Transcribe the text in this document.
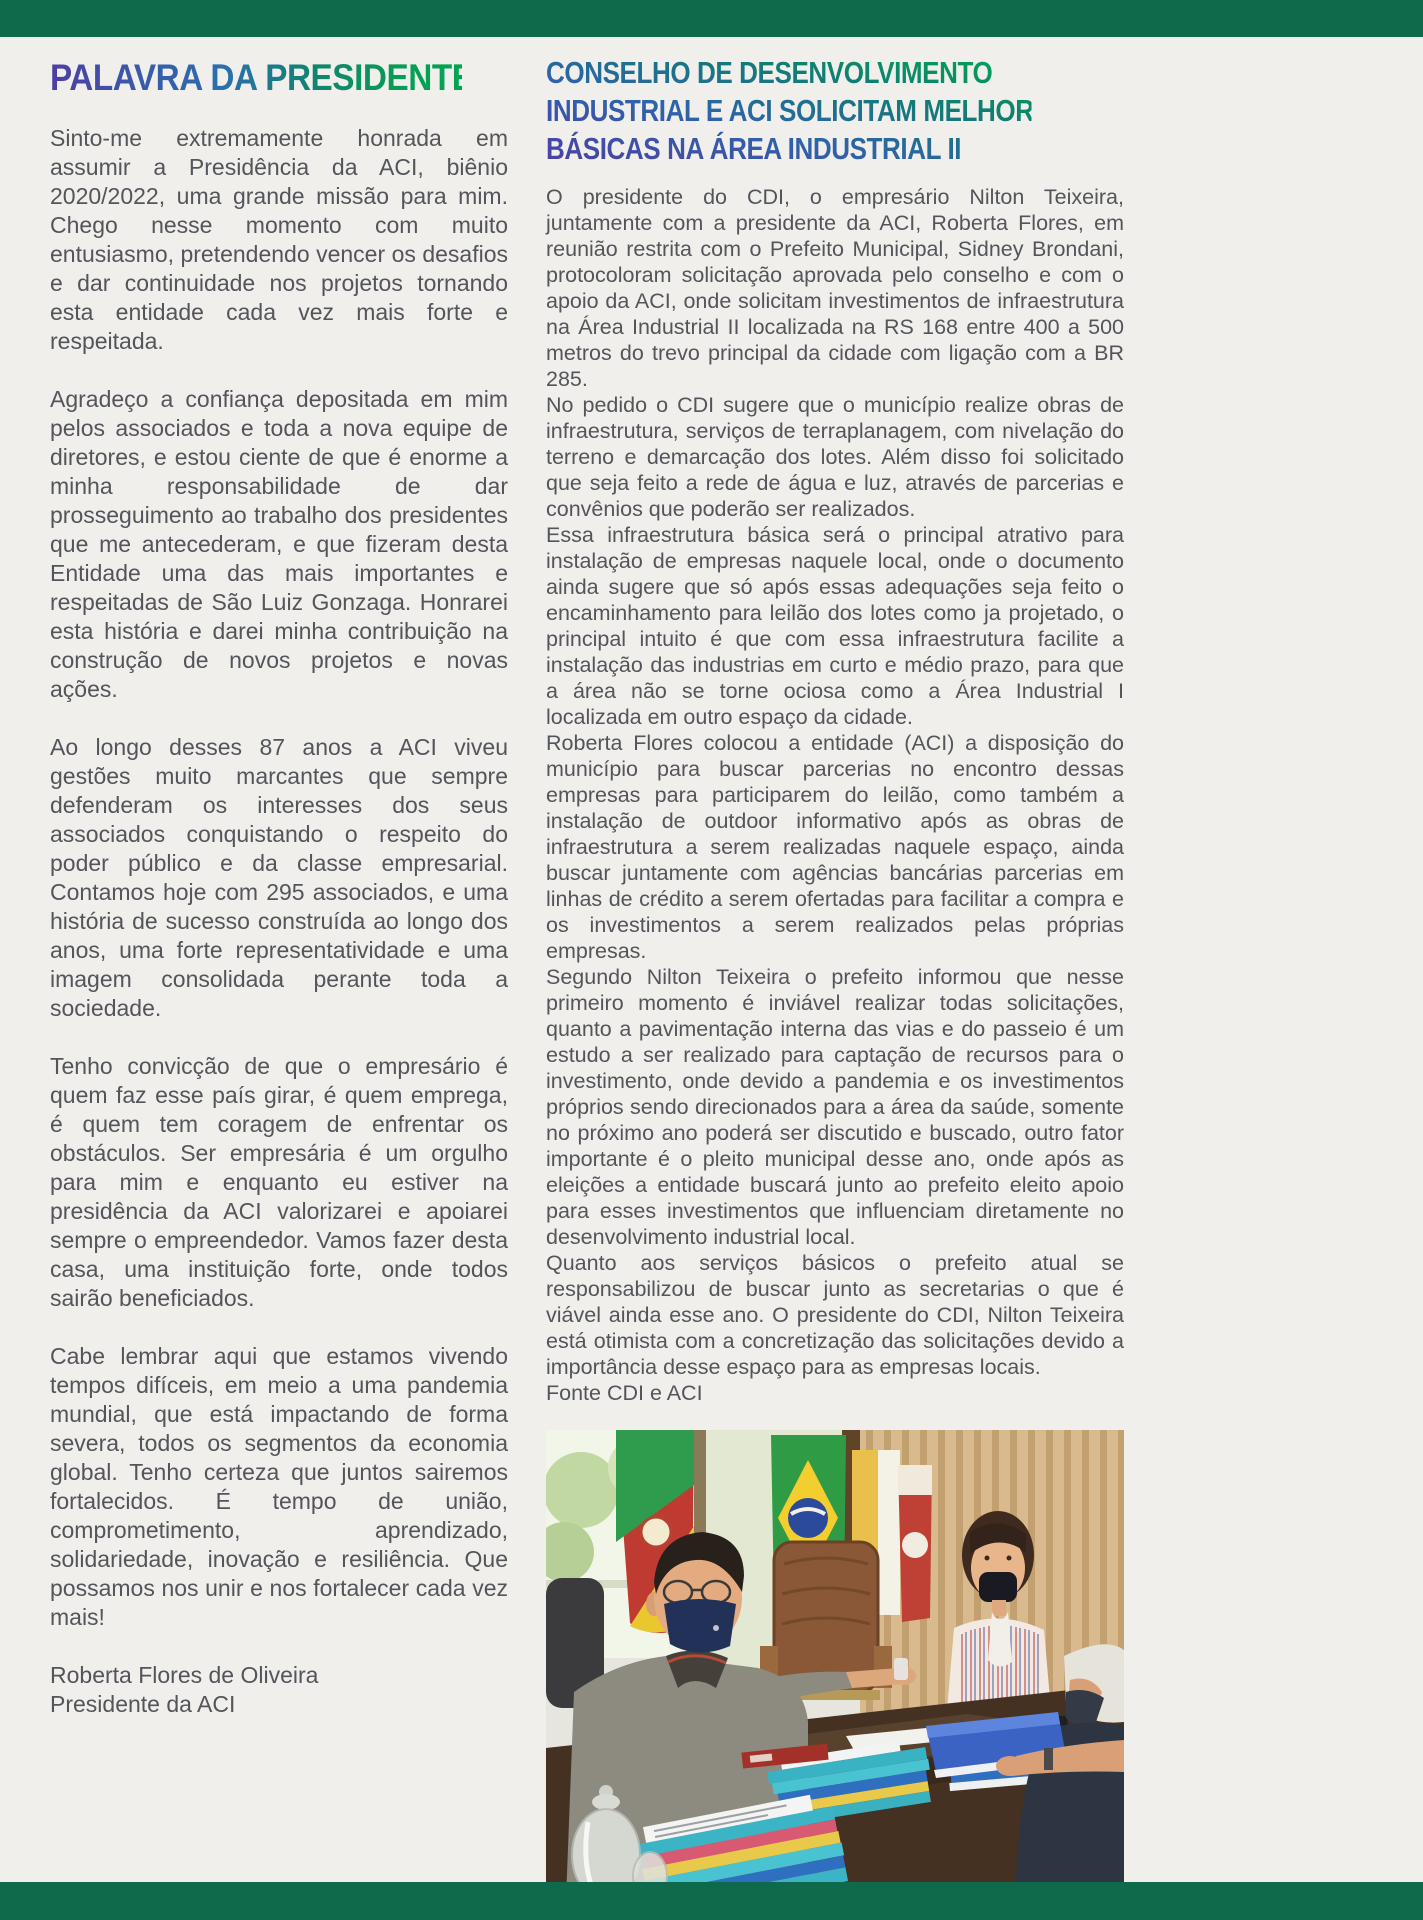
PALAVRA DA PRESIDENTE

Sinto-me extremamente honrada em assumir a Presidência da ACI, biênio 2020/2022, uma grande missão para mim. Chego nesse momento com muito entusiasmo, pretendendo vencer os desafios e dar continuidade nos projetos tornando esta entidade cada vez mais forte e respeitada.

Agradeço a confiança depositada em mim pelos associados e toda a nova equipe de diretores, e estou ciente de que é enorme a minha responsabilidade de dar prosseguimento ao trabalho dos presidentes que me antecederam, e que fizeram desta Entidade uma das mais importantes e respeitadas de São Luiz Gonzaga. Honrarei esta história e darei minha contribuição na construção de novos projetos e novas ações.

Ao longo desses 87 anos a ACI viveu gestões muito marcantes que sempre defenderam os interesses dos seus associados conquistando o respeito do poder público e da classe empresarial. Contamos hoje com 295 associados, e uma história de sucesso construída ao longo dos anos, uma forte representatividade e uma imagem consolidada perante toda a sociedade.

Tenho convicção de que o empresário é quem faz esse país girar, é quem emprega, é quem tem coragem de enfrentar os obstáculos. Ser empresária é um orgulho para mim e enquanto eu estiver na presidência da ACI valorizarei e apoiarei sempre o empreendedor. Vamos fazer desta casa, uma instituição forte, onde todos sairão beneficiados.

Cabe lembrar aqui que estamos vivendo tempos difíceis, em meio a uma pandemia mundial, que está impactando de forma severa, todos os segmentos da economia global. Tenho certeza que juntos sairemos fortalecidos. É tempo de união, comprometimento, aprendizado, solidariedade, inovação e resiliência. Que possamos nos unir e nos fortalecer cada vez mais!

Roberta Flores de Oliveira

Presidente da ACI

CONSELHO DE DESENVOLVIMENTO
INDUSTRIAL E ACI SOLICITAM MELHORIAS
BÁSICAS NA ÁREA INDUSTRIAL II

O presidente do CDI, o empresário Nilton Teixeira, juntamente com a presidente da ACI, Roberta Flores, em reunião restrita com o Prefeito Municipal, Sidney Brondani, protocoloram solicitação aprovada pelo conselho e com o apoio da ACI, onde solicitam investimentos de infraestrutura na Área Industrial II localizada na RS 168 entre 400 a 500 metros do trevo principal da cidade com ligação com a BR 285.

No pedido o CDI sugere que o município realize obras de infraestrutura, serviços de terraplanagem, com nivelação do terreno e demarcação dos lotes. Além disso foi solicitado que seja feito a rede de água e luz, através de parcerias e convênios que poderão ser realizados.

Essa infraestrutura básica será o principal atrativo para instalação de empresas naquele local, onde o documento ainda sugere que só após essas adequações seja feito o encaminhamento para leilão dos lotes como ja projetado, o principal intuito é que com essa infraestrutura facilite a instalação das industrias em curto e médio prazo, para que a área não se torne ociosa como a Área Industrial I localizada em outro espaço da cidade.

Roberta Flores colocou a entidade (ACI) a disposição do município para buscar parcerias no encontro dessas empresas para participarem do leilão, como também a instalação de outdoor informativo após as obras de infraestrutura a serem realizadas naquele espaço, ainda buscar juntamente com agências bancárias parcerias em linhas de crédito a serem ofertadas para facilitar a compra e os investimentos a serem realizados pelas próprias empresas.

Segundo Nilton Teixeira o prefeito informou que nesse primeiro momento é inviável realizar todas solicitações, quanto a pavimentação interna das vias e do passeio é um estudo a ser realizado para captação de recursos para o investimento, onde devido a pandemia e os investimentos próprios sendo direcionados para a área da saúde, somente no próximo ano poderá ser discutido e buscado, outro fator importante é o pleito municipal desse ano, onde após as eleições a entidade buscará junto ao prefeito eleito apoio para esses investimentos que influenciam diretamente no desenvolvimento industrial local.

Quanto aos serviços básicos o prefeito atual se responsabilizou de buscar junto as secretarias o que é viável ainda esse ano. O presidente do CDI, Nilton Teixeira está otimista com a concretização das solicitações devido a importância desse espaço para as empresas locais.

Fonte CDI e ACI
